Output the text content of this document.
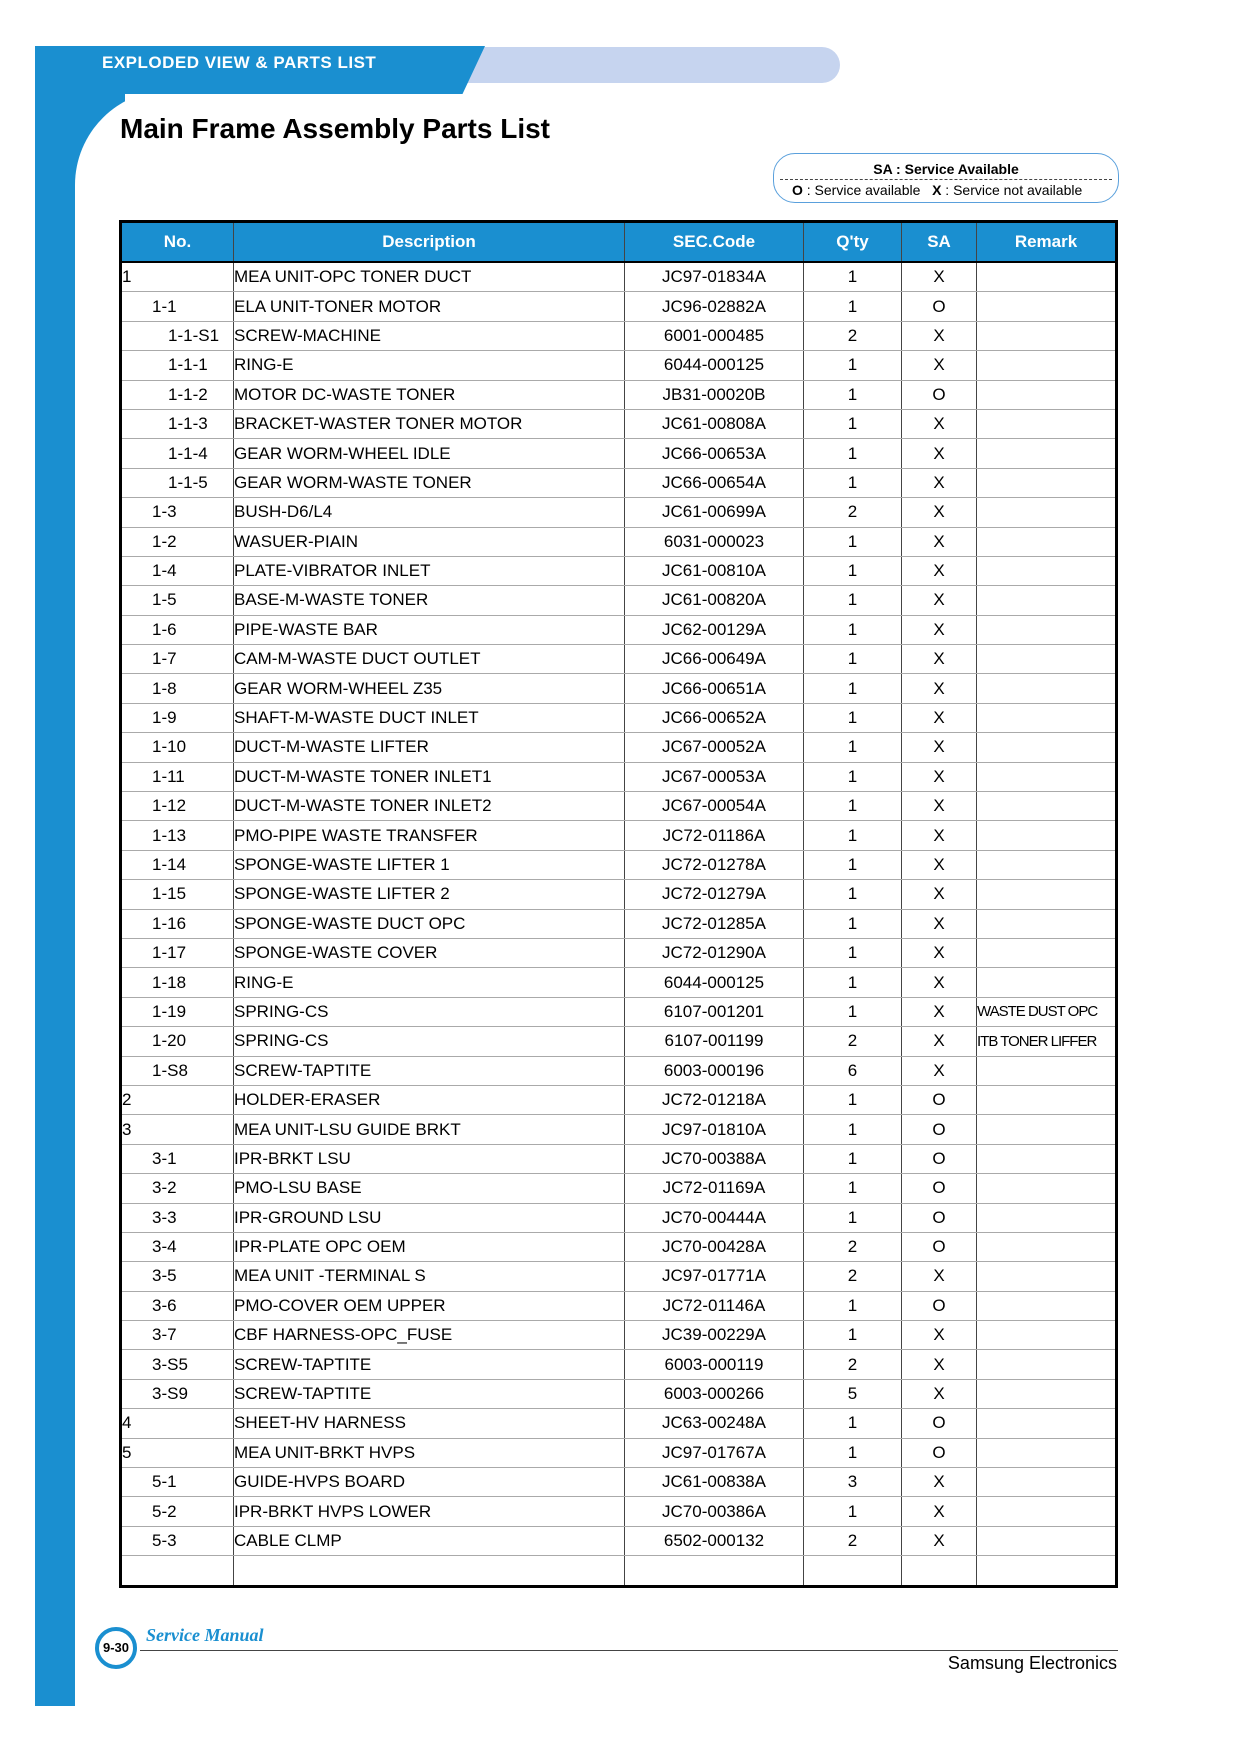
EXPLODED VIEW & PARTS LIST
Main Frame Assembly Parts List
SA : Service Available
O : Service available   X : Service not available
No.	Description	SEC.Code	Q'ty	SA	Remark
1	MEA UNIT-OPC TONER DUCT	JC97-01834A	1	X	
1-1	ELA UNIT-TONER MOTOR	JC96-02882A	1	O	
1-1-S1	SCREW-MACHINE	6001-000485	2	X	
1-1-1	RING-E	6044-000125	1	X	
1-1-2	MOTOR DC-WASTE TONER	JB31-00020B	1	O	
1-1-3	BRACKET-WASTER TONER MOTOR	JC61-00808A	1	X	
1-1-4	GEAR WORM-WHEEL IDLE	JC66-00653A	1	X	
1-1-5	GEAR WORM-WASTE TONER	JC66-00654A	1	X	
1-3	BUSH-D6/L4	JC61-00699A	2	X	
1-2	WASUER-PIAIN	6031-000023	1	X	
1-4	PLATE-VIBRATOR INLET	JC61-00810A	1	X	
1-5	BASE-M-WASTE TONER	JC61-00820A	1	X	
1-6	PIPE-WASTE BAR	JC62-00129A	1	X	
1-7	CAM-M-WASTE DUCT OUTLET	JC66-00649A	1	X	
1-8	GEAR WORM-WHEEL Z35	JC66-00651A	1	X	
1-9	SHAFT-M-WASTE DUCT INLET	JC66-00652A	1	X	
1-10	DUCT-M-WASTE LIFTER	JC67-00052A	1	X	
1-11	DUCT-M-WASTE TONER INLET1	JC67-00053A	1	X	
1-12	DUCT-M-WASTE TONER INLET2	JC67-00054A	1	X	
1-13	PMO-PIPE WASTE TRANSFER	JC72-01186A	1	X	
1-14	SPONGE-WASTE LIFTER 1	JC72-01278A	1	X	
1-15	SPONGE-WASTE LIFTER 2	JC72-01279A	1	X	
1-16	SPONGE-WASTE DUCT OPC	JC72-01285A	1	X	
1-17	SPONGE-WASTE COVER	JC72-01290A	1	X	
1-18	RING-E	6044-000125	1	X	
1-19	SPRING-CS	6107-001201	1	X	WASTE DUST OPC
1-20	SPRING-CS	6107-001199	2	X	ITB TONER LIFFER
1-S8	SCREW-TAPTITE	6003-000196	6	X	
2	HOLDER-ERASER	JC72-01218A	1	O	
3	MEA UNIT-LSU GUIDE BRKT	JC97-01810A	1	O	
3-1	IPR-BRKT LSU	JC70-00388A	1	O	
3-2	PMO-LSU BASE	JC72-01169A	1	O	
3-3	IPR-GROUND LSU	JC70-00444A	1	O	
3-4	IPR-PLATE OPC OEM	JC70-00428A	2	O	
3-5	MEA UNIT -TERMINAL S	JC97-01771A	2	X	
3-6	PMO-COVER OEM UPPER	JC72-01146A	1	O	
3-7	CBF HARNESS-OPC_FUSE	JC39-00229A	1	X	
3-S5	SCREW-TAPTITE	6003-000119	2	X	
3-S9	SCREW-TAPTITE	6003-000266	5	X	
4	SHEET-HV HARNESS	JC63-00248A	1	O	
5	MEA UNIT-BRKT HVPS	JC97-01767A	1	O	
5-1	GUIDE-HVPS BOARD	JC61-00838A	3	X	
5-2	IPR-BRKT HVPS LOWER	JC70-00386A	1	X	
5-3	CABLE CLMP	6502-000132	2	X	

9-30
Service Manual
Samsung Electronics
